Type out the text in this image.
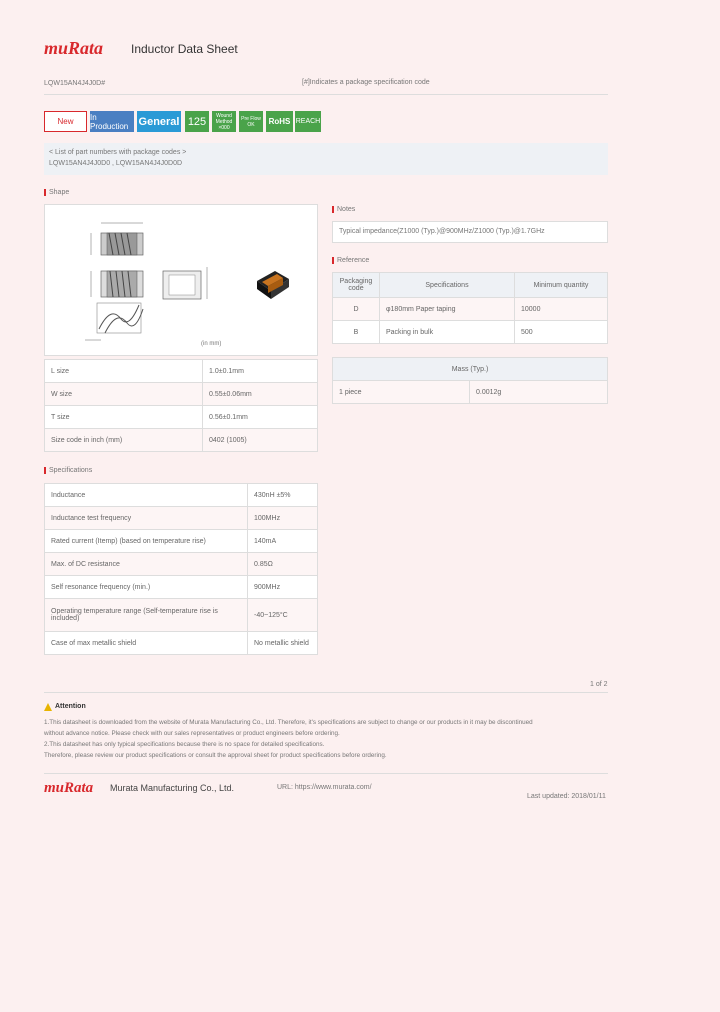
muRata Inductor Data Sheet
LQW15AN4J4J0D#	[#]Indicates a package specification code
New	In Production General 125	Wound Method ×000
Pre Flow OK	RoHS REACH
< List of part numbers with package codes >
LQW15AN4J4J0D0 , LQW15AN4J4J0D0D
Shape
(in mm)
L size	1.0±0.1mm
W size	0.55±0.06mm
T size	0.56±0.1mm
Size code in inch (mm)	0402 (1005)
Specifications
Inductance	430nH ±5%
Inductance test frequency	100MHz
Rated current (Itemp) (based on temperature rise)	140mA
Max. of DC resistance	0.85Ω
Self resonance frequency (min.)	900MHz
Operating temperature range (Self-temperature rise is included)	-40~125°C
Case of max metallic shield	No metallic shield
Notes
Typical impedance(Z1000 (Typ.)@900MHz/Z1000 (Typ.)@1.7GHz
Reference
Packaging code	Specifications	Minimum quantity
D	φ180mm Paper taping	10000
B	Packing in bulk	500
Mass (Typ.)
1 piece	0.0012g
1 of 2
Attention
1.This datasheet is downloaded from the website of Murata Manufacturing Co., Ltd. Therefore, it's specifications are subject to change or our products in it may be discontinued
without advance notice. Please check with our sales representatives or product engineers before ordering.
2.This datasheet has only typical specifications because there is no space for detailed specifications.
Therefore, please review our product specifications or consult the approval sheet for product specifications before ordering.
muRata Murata Manufacturing Co., Ltd.	URL: https://www.murata.com/
Last updated: 2018/01/11
